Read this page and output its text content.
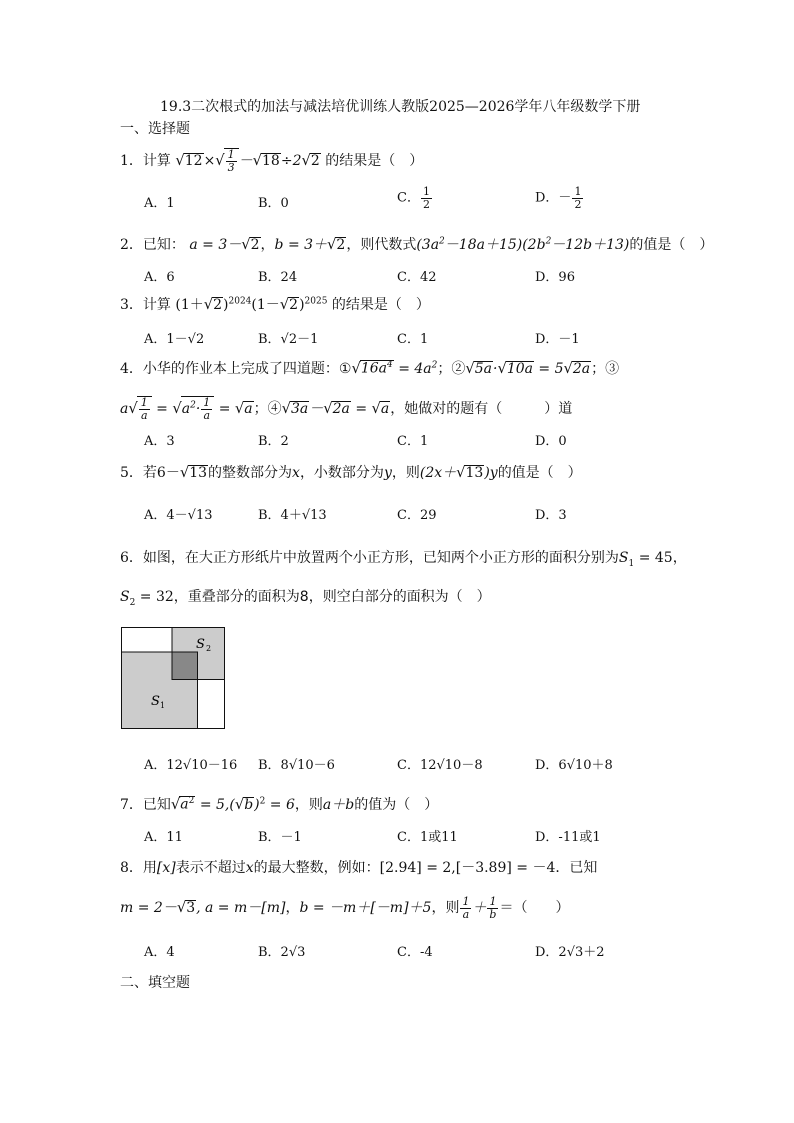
19.3二次根式的加法与减法培优训练人教版2025—2026学年八年级数学下册
一、选择题
1．计算 $√12\times√ \frac{1}{3} -√18\div 2√2$ 的结果是（　）
A．1	B．0	C． $\frac{1}{2}$	D．－ $\frac{1}{2}$
2．已知： a = 3－√2，b = 3＋√2，则代数式$(3a^2-18a+15)(2b^2-12b+13)$的值是（　）
A．6	B．24	C．42	D．96
3．计算 $(1+√2)^{2024}(1-√2)^{2025}$ 的结果是（　）
A．1－√2	B．√2－1	C．1	D．－1
4．小华的作业本上完成了四道题：$①√16a^4 = 4a^2$；②√5a·√10a = 5√2a；③
$a√ \frac{1}{a} = √a^2\cdot \frac{1}{a} = √a$；④√3a－√2a = √a，她做对的题有（　　　）道
A．3	B．2	C．1	D．0
5．若6－√13的整数部分为x，小数部分为y，则(2x＋√13)y的值是（　）
A．4－√13	B．4＋√13	C．29	D．3
6．如图，在大正方形纸片中放置两个小正方形，已知两个小正方形的面积分别为$S_1 = 45$，
$S_2 = 32$，重叠部分的面积为8，则空白部分的面积为（　）
S 2
S 1
A．12√10－16 B．8√10－6	C．12√10－8	D．6√10＋8
7．已知$√a^2 = 5,(√b)^2 = 6$，则a＋b的值为（　）
A．11	B．－1	C．1或11	D．-11或1
8．用[x]表示不超过x的最大整数，例如：[2.94] = 2,[－3.89] = －4．已知
m = 2－√3, a = m－[m]，b = －m＋[－m]＋5，则 $\frac{1}{a} + \frac{1}{b}$ ＝（　　）
A．4	B．2√3	C．-4	D．2√3＋2
二、填空题
